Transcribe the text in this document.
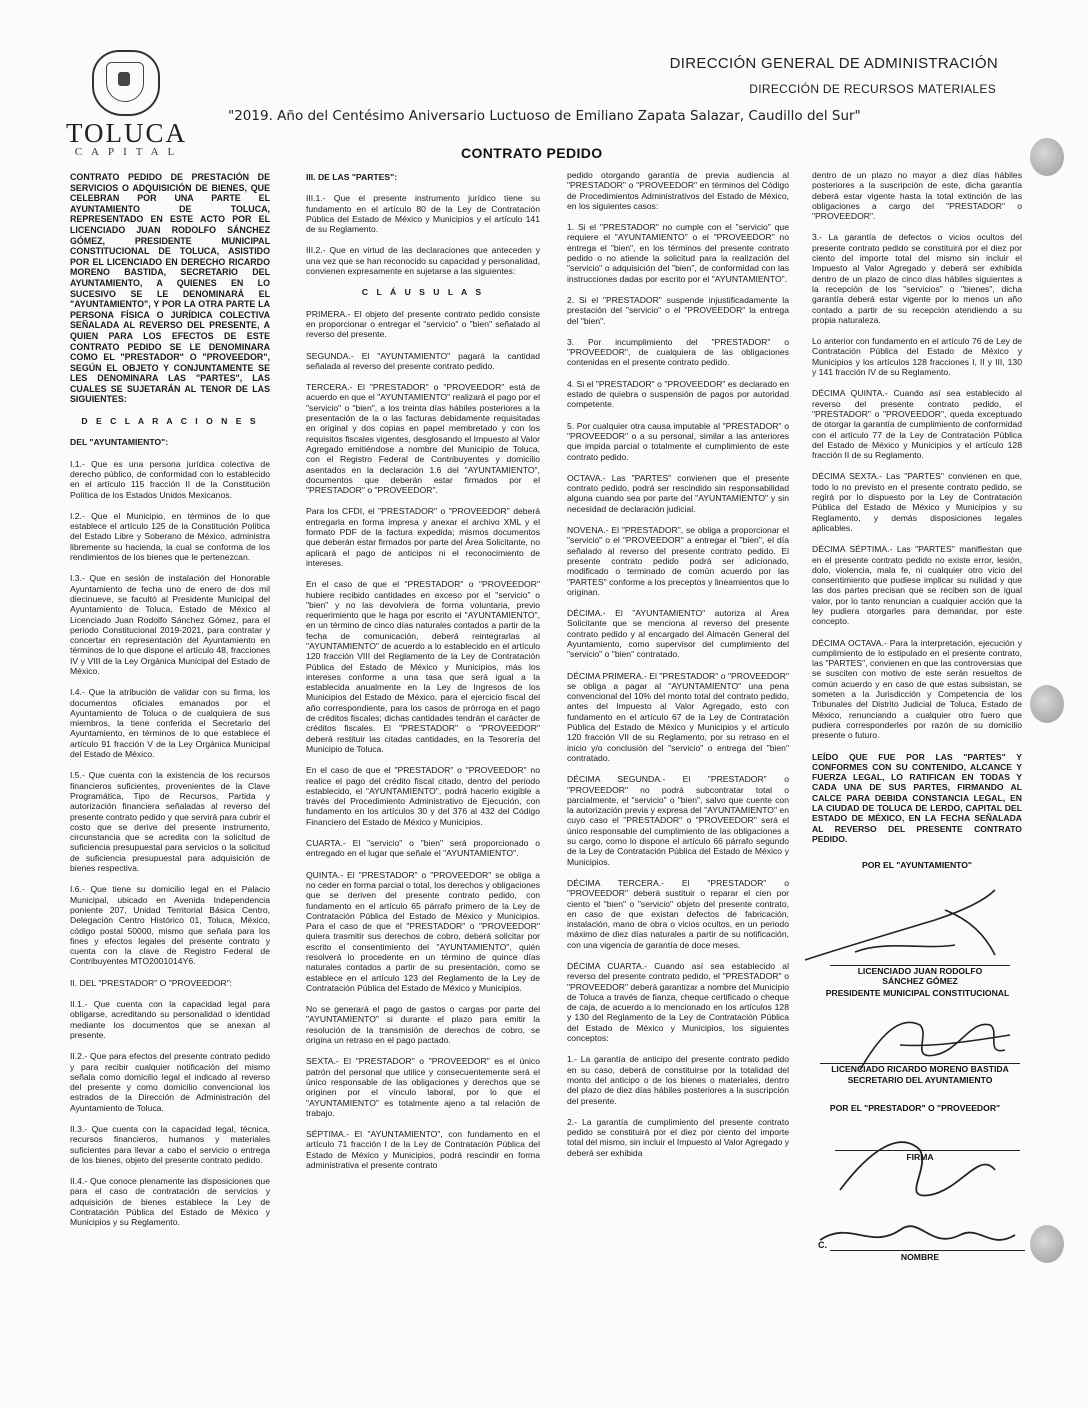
TOLUCA
CAPITAL
DIRECCIÓN GENERAL DE ADMINISTRACIÓN
DIRECCIÓN DE RECURSOS MATERIALES
"2019. Año del Centésimo Aniversario Luctuoso de Emiliano Zapata Salazar, Caudillo del Sur"
CONTRATO PEDIDO

CONTRATO PEDIDO DE PRESTACIÓN DE SERVICIOS O ADQUISICIÓN DE BIENES, QUE CELEBRAN POR UNA PARTE EL AYUNTAMIENTO DE TOLUCA, REPRESENTADO EN ESTE ACTO POR EL LICENCIADO JUAN RODOLFO SÁNCHEZ GÓMEZ, PRESIDENTE MUNICIPAL CONSTITUCIONAL DE TOLUCA, ASISTIDO POR EL LICENCIADO EN DERECHO RICARDO MORENO BASTIDA, SECRETARIO DEL AYUNTAMIENTO, A QUIENES EN LO SUCESIVO SE LE DENOMINARÁ EL "AYUNTAMIENTO", Y POR LA OTRA PARTE LA PERSONA FÍSICA O JURÍDICA COLECTIVA SEÑALADA AL REVERSO DEL PRESENTE, A QUIEN PARA LOS EFECTOS DE ESTE CONTRATO PEDIDO SE LE DENOMINARA COMO EL "PRESTADOR" O "PROVEEDOR", SEGÚN EL OBJETO Y CONJUNTAMENTE SE LES DENOMINARA LAS "PARTES", LAS CUALES SE SUJETARÁN AL TENOR DE LAS SIGUIENTES:

D E C L A R A C I O N E S

DEL "AYUNTAMIENTO":

I.1.- Que es una persona jurídica colectiva de derecho público, de conformidad con lo establecido en el artículo 115 fracción II de la Constitución Política de los Estados Unidos Mexicanos.

I.2.- Que el Municipio, en términos de lo que establece el artículo 125 de la Constitución Política del Estado Libre y Soberano de México, administra libremente su hacienda, la cual se conforma de los rendimientos de los bienes que le pertenezcan.

I.3.- Que en sesión de instalación del Honorable Ayuntamiento de fecha uno de enero de dos mil diecinueve, se facultó al Presidente Municipal del Ayuntamiento de Toluca, Estado de México al Licenciado Juan Rodolfo Sánchez Gómez, para el periodo Constitucional 2019-2021, para contratar y concertar en representación del Ayuntamiento en términos de lo que dispone el artículo 48, fracciones IV y VIII de la Ley Orgánica Municipal del Estado de México.

I.4.- Que la atribución de validar con su firma, los documentos oficiales emanados por el Ayuntamiento de Toluca o de cualquiera de sus miembros, la tiene conferida el Secretario del Ayuntamiento, en términos de lo que establece el artículo 91 fracción V de la Ley Orgánica Municipal del Estado de México.

I.5.- Que cuenta con la existencia de los recursos financieros suficientes, provenientes de la Clave Programática, Tipo de Recursos, Partida y autorización financiera señaladas al reverso del presente contrato pedido y que servirá para cubrir el costo que se derive del presente instrumento, circunstancia que se acredita con la solicitud de suficiencia presupuestal para servicios o la solicitud de suficiencia presupuestal para adquisición de bienes respectiva.

I.6.- Que tiene su domicilio legal en el Palacio Municipal, ubicado en Avenida Independencia poniente 207, Unidad Territorial Básica Centro, Delegación Centro Histórico 01, Toluca, México, código postal 50000, mismo que señala para los fines y efectos legales del presente contrato y cuenta con la clave de Registro Federal de Contribuyentes MTO2001014Y6.

II. DEL "PRESTADOR" O "PROVEEDOR":

II.1.- Que cuenta con la capacidad legal para obligarse, acreditando su personalidad o identidad mediante los documentos que se anexan al presente.

II.2.- Que para efectos del presente contrato pedido y para recibir cualquier notificación del mismo señala como domicilio legal el indicado al reverso del presente y como domicilio convencional los estrados de la Dirección de Administración del Ayuntamiento de Toluca.

II.3.- Que cuenta con la capacidad legal, técnica, recursos financieros, humanos y materiales suficientes para llevar a cabo el servicio o entrega de los bienes, objeto del presente contrato pedido.

II.4.- Que conoce plenamente las disposiciones que para el caso de contratación de servicios y adquisición de bienes establece la Ley de Contratación Pública del Estado de México y Municipios y su Reglamento.

III. DE LAS "PARTES":

III.1.- Que el presente instrumento jurídico tiene su fundamento en el artículo 80 de la Ley de Contratación Pública del Estado de México y Municipios y el artículo 141 de su Reglamento.

III.2.- Que en virtud de las declaraciones que anteceden y una vez que se han reconocido su capacidad y personalidad, convienen expresamente en sujetarse a las siguientes:

C L Á U S U L A S

PRIMERA.- El objeto del presente contrato pedido consiste en proporcionar o entregar el "servicio" o "bien" señalado al reverso del presente.

SEGUNDA.- El "AYUNTAMIENTO" pagará la cantidad señalada al reverso del presente contrato pedido.

TERCERA.- El "PRESTADOR" o "PROVEEDOR" está de acuerdo en que el "AYUNTAMIENTO" realizará el pago por el "servicio" o "bien", a los treinta días hábiles posteriores a la presentación de la o las facturas debidamente requisitadas en original y dos copias en papel membretado y con los requisitos fiscales vigentes, desglosando el Impuesto al Valor Agregado emitiéndose a nombre del Municipio de Toluca, con el Registro Federal de Contribuyentes y domicilio asentados en la declaración 1.6 del "AYUNTAMIENTO", documentos que deberán estar firmados por el "PRESTADOR" o "PROVEEDOR".

Para los CFDI, el "PRESTADOR" o "PROVEEDOR" deberá entregarla en forma impresa y anexar el archivo XML y el formato PDF de la factura expedida; mismos documentos que deberán estar firmados por parte del Área Solicitante, no aplicará el pago de anticipos ni el reconocimiento de intereses.

En el caso de que el "PRESTADOR" o "PROVEEDOR" hubiere recibido cantidades en exceso por el "servicio" o "bien" y no las devolviera de forma voluntaria, previo requerimiento que le haga por escrito el "AYUNTAMIENTO", en un término de cinco días naturales contados a partir de la fecha de comunicación, deberá reintegrarlas al "AYUNTAMIENTO" de acuerdo a lo establecido en el artículo 120 fracción VIII del Reglamento de la Ley de Contratación Pública del Estado de México y Municipios, más los intereses conforme a una tasa que será igual a la establecida anualmente en la Ley de Ingresos de los Municipios del Estado de México, para el ejercicio fiscal del año correspondiente, para los casos de prórroga en el pago de créditos fiscales; dichas cantidades tendrán el carácter de créditos fiscales. El "PRESTADOR" o "PROVEEDOR" deberá restituir las citadas cantidades, en la Tesorería del Municipio de Toluca.

En el caso de que el "PRESTADOR" o "PROVEEDOR" no realice el pago del crédito fiscal citado, dentro del periodo establecido, el "AYUNTAMIENTO", podrá hacerlo exigible a través del Procedimiento Administrativo de Ejecución, con fundamento en los artículos 30 y del 376 al 432 del Código Financiero del Estado de México y Municipios.

CUARTA.- El "servicio" o "bien" será proporcionado o entregado en el lugar que señale el "AYUNTAMIENTO".

QUINTA.- El "PRESTADOR" o "PROVEEDOR" se obliga a no ceder en forma parcial o total, los derechos y obligaciones que se deriven del presente contrato pedido, con fundamento en el artículo 65 párrafo primero de la Ley de Contratación Pública del Estado de México y Municipios. Para el caso de que el "PRESTADOR" o "PROVEEDOR" quiera trasmitir sus derechos de cobro, deberá solicitar por escrito el consentimiento del "AYUNTAMIENTO", quién resolverá lo procedente en un término de quince días naturales contados a partir de su presentación, como se establece en el artículo 123 del Reglamento de la Ley de Contratación Pública del Estado de México y Municipios.

No se generará el pago de gastos o cargas por parte del "AYUNTAMIENTO" si durante el plazo para emitir la resolución de la transmisión de derechos de cobro, se origina un retraso en el pago pactado.

SEXTA.- El "PRESTADOR" o "PROVEEDOR" es el único patrón del personal que utilice y consecuentemente será el único responsable de las obligaciones y derechos que se originen por el vínculo laboral, por lo que el "AYUNTAMIENTO" es totalmente ajeno a tal relación de trabajo.

SÉPTIMA.- El "AYUNTAMIENTO", con fundamento en el artículo 71 fracción I de la Ley de Contratación Pública del Estado de México y Municipios, podrá rescindir en forma administrativa el presente contrato

pedido otorgando garantía de previa audiencia al "PRESTADOR" o "PROVEEDOR" en términos del Código de Procedimientos Administrativos del Estado de México, en los siguientes casos:

1. Si el "PRESTADOR" no cumple con el "servicio" que requiere el "AYUNTAMIENTO" o el "PROVEEDOR" no entrega el "bien", en los términos del presente contrato pedido o no atiende la solicitud para la realización del "servicio" o adquisición del "bien", de conformidad con las instrucciones dadas por escrito por el "AYUNTAMIENTO".

2. Si el "PRESTADOR" suspende injustificadamente la prestación del "servicio" o el "PROVEEDOR" la entrega del "bien".

3. Por incumplimiento del "PRESTADOR" o "PROVEEDOR", de cualquiera de las obligaciones contenidas en el presente contrato pedido.

4. Si el "PRESTADOR" o "PROVEEDOR" es declarado en estado de quiebra o suspensión de pagos por autoridad competente.

5. Por cualquier otra causa imputable al "PRESTADOR" o "PROVEEDOR" o a su personal, similar a las anteriores que impida parcial o totalmente el cumplimiento de este contrato pedido.

OCTAVA.- Las "PARTES" convienen que el presente contrato pedido, podrá ser rescindido sin responsabilidad alguna cuando sea por parte del "AYUNTAMIENTO" y sin necesidad de declaración judicial.

NOVENA.- El "PRESTADOR", se obliga a proporcionar el "servicio" o el "PROVEEDOR" a entregar el "bien", el día señalado al reverso del presente contrato pedido. El presente contrato pedido podrá ser adicionado, modificado o terminado de común acuerdo por las "PARTES" conforme a los preceptos y lineamientos que lo originan.

DÉCIMA.- El "AYUNTAMIENTO" autoriza al Área Solicitante que se menciona al reverso del presente contrato pedido y al encargado del Almacén General del Ayuntamiento, como supervisor del cumplimiento del "servicio" o "bien" contratado.

DÉCIMA PRIMERA.- El "PRESTADOR" o "PROVEEDOR" se obliga a pagar al "AYUNTAMIENTO" una pena convencional del 10% del monto total del contrato pedido, antes del Impuesto al Valor Agregado, esto con fundamento en el artículo 67 de la Ley de Contratación Pública del Estado de México y Municipios y el artículo 120 fracción VII de su Reglamento, por su retraso en el inicio y/o conclusión del "servicio" o entrega del "bien" contratado.

DÉCIMA SEGUNDA.- El "PRESTADOR" o "PROVEEDOR" no podrá subcontratar total o parcialmente, el "servicio" o "bien", salvo que cuente con la autorización previa y expresa del "AYUNTAMIENTO" en cuyo caso el "PRESTADOR" o "PROVEEDOR" será el único responsable del cumplimiento de las obligaciones a su cargo, como lo dispone el artículo 66 párrafo segundo de la Ley de Contratación Pública del Estado de México y Municipios.

DÉCIMA TERCERA.- El "PRESTADOR" o "PROVEEDOR" deberá sustituir o reparar el cien por ciento el "bien" o "servicio" objeto del presente contrato, en caso de que existan defectos de fabricación, instalación, mano de obra o vicios ocultos, en un periodo máximo de diez días naturales a partir de su notificación, con una vigencia de garantía de doce meses.

DÉCIMA CUARTA.- Cuando así sea establecido al reverso del presente contrato pedido, el "PRESTADOR" o "PROVEEDOR" deberá garantizar a nombre del Municipio de Toluca a través de fianza, cheque certificado o cheque de caja, de acuerdo a lo mencionado en los artículos 128 y 130 del Reglamento de la Ley de Contratación Pública del Estado de México y Municipios, los siguientes conceptos:

1.- La garantía de anticipo del presente contrato pedido en su caso, deberá de constituirse por la totalidad del monto del anticipo o de los bienes o materiales, dentro del plazo de diez días hábiles posteriores a la suscripción del presente.

2.- La garantía de cumplimiento del presente contrato pedido se constituirá por el diez por ciento del importe total del mismo, sin incluir el Impuesto al Valor Agregado y deberá ser exhibida

dentro de un plazo no mayor a diez días hábiles posteriores a la suscripción de este, dicha garantía deberá estar vigente hasta la total extinción de las obligaciones a cargo del "PRESTADOR" o "PROVEEDOR".

3.- La garantía de defectos o vicios ocultos del presente contrato pedido se constituirá por el diez por ciento del importe total del mismo sin incluir el Impuesto al Valor Agregado y deberá ser exhibida dentro de un plazo de cinco días hábiles siguientes a la recepción de los "servicios" o "bienes", dicha garantía deberá estar vigente por lo menos un año contado a partir de su recepción atendiendo a su propia naturaleza.

Lo anterior con fundamento en el artículo 76 de Ley de Contratación Pública del Estado de México y Municipios y los artículos 128 fracciones I, II y III, 130 y 141 fracción IV de su Reglamento.

DÉCIMA QUINTA.- Cuando así sea establecido al reverso del presente contrato pedido, el "PRESTADOR" o "PROVEEDOR", queda exceptuado de otorgar la garantía de cumplimiento de conformidad con el artículo 77 de la Ley de Contratación Pública del Estado de México y Municipios y el artículo 128 fracción II de su Reglamento.

DÉCIMA SEXTA.- Las "PARTES" convienen en que, todo lo no previsto en el presente contrato pedido, se regirá por lo dispuesto por la Ley de Contratación Pública del Estado de México y Municipios y su Reglamento, y demás disposiciones legales aplicables.

DÉCIMA SÉPTIMA.- Las "PARTES" manifiestan que en el presente contrato pedido no existe error, lesión, dolo, violencia, mala fe, ni cualquier otro vicio del consentimiento que pudiese implicar su nulidad y que las dos partes precisan que se reciben son de igual valor, por lo tanto renuncian a cualquier acción que la ley pudiera otorgarles para demandar, por este concepto.

DÉCIMA OCTAVA.- Para la interpretación, ejecución y cumplimiento de lo estipulado en el presente contrato, las "PARTES", convienen en que las controversias que se susciten con motivo de este serán resueltos de común acuerdo y en caso de que estas subsistan, se someten a la Jurisdicción y Competencia de los Tribunales del Distrito Judicial de Toluca, Estado de México, renunciando a cualquier otro fuero que pudiera corresponderles por razón de su domicilio presente o futuro.

LEÍDO QUE FUE POR LAS "PARTES" Y CONFORMES CON SU CONTENIDO, ALCANCE Y FUERZA LEGAL, LO RATIFICAN EN TODAS Y CADA UNA DE SUS PARTES, FIRMANDO AL CALCE PARA DEBIDA CONSTANCIA LEGAL, EN LA CIUDAD DE TOLUCA DE LERDO, CAPITAL DEL ESTADO DE MÉXICO, EN LA FECHA SEÑALADA AL REVERSO DEL PRESENTE CONTRATO PEDIDO.

POR EL "AYUNTAMIENTO"
LICENCIADO JUAN RODOLFO SÁNCHEZ GÓMEZ
PRESIDENTE MUNICIPAL CONSTITUCIONAL
LICENCIADO RICARDO MORENO BASTIDA
SECRETARIO DEL AYUNTAMIENTO
POR EL "PRESTADOR" O "PROVEEDOR"
FIRMA
C.
NOMBRE
